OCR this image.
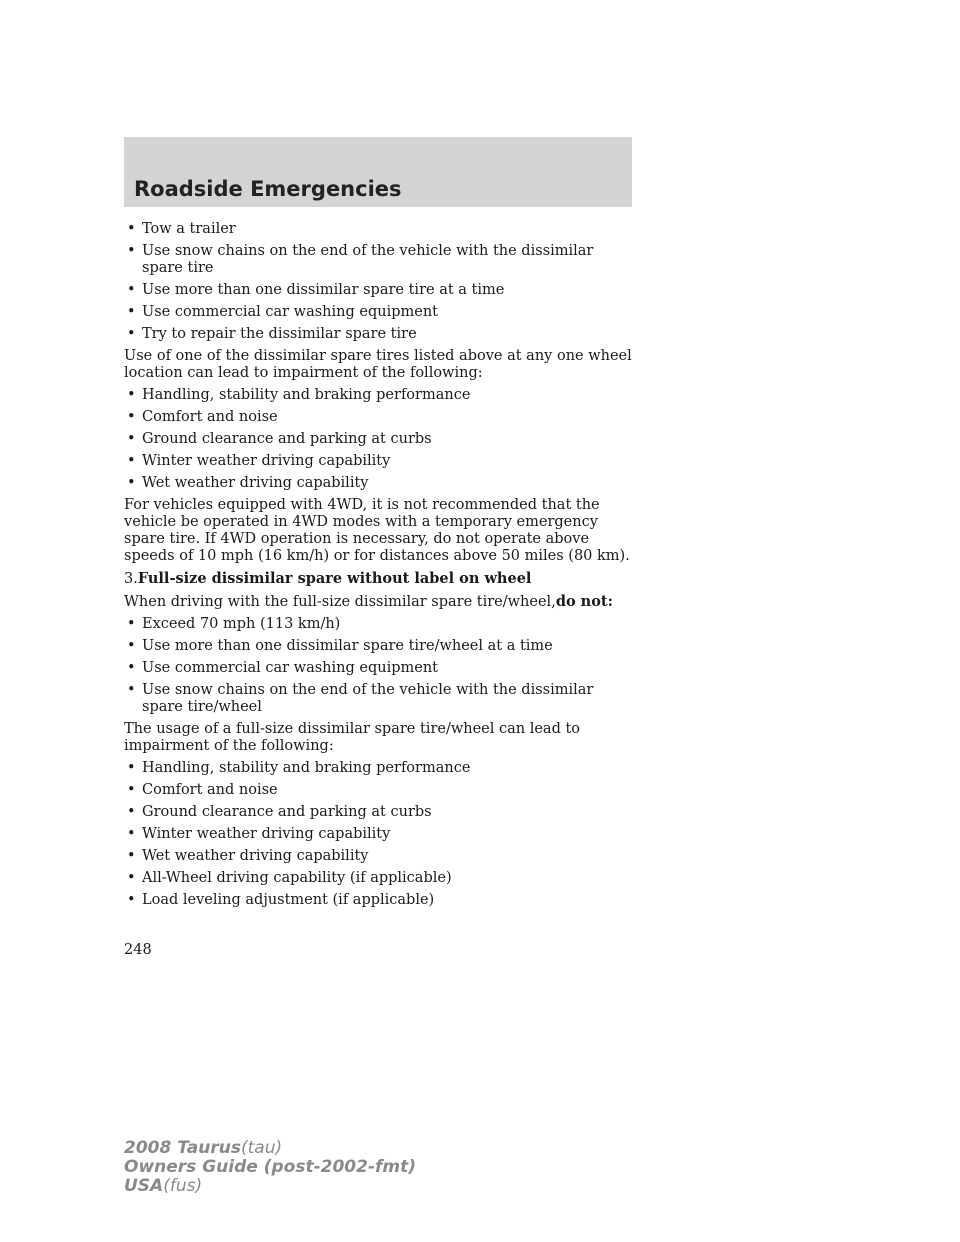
Roadside Emergencies
• Tow a trailer
• Use snow chains on the end of the vehicle with the dissimilar spare tire
• Use more than one dissimilar spare tire at a time
• Use commercial car washing equipment
• Try to repair the dissimilar spare tire

Use of one of the dissimilar spare tires listed above at any one wheel location can lead to impairment of the following:

• Handling, stability and braking performance
• Comfort and noise
• Ground clearance and parking at curbs
• Winter weather driving capability
• Wet weather driving capability

For vehicles equipped with 4WD, it is not recommended that the vehicle be operated in 4WD modes with a temporary emergency spare tire. If 4WD operation is necessary, do not operate above speeds of 10 mph (16 km/h) or for distances above 50 miles (80 km).

3.Full-size dissimilar spare without label on wheel

When driving with the full-size dissimilar spare tire/wheel,do not:

• Exceed 70 mph (113 km/h)
• Use more than one dissimilar spare tire/wheel at a time
• Use commercial car washing equipment
• Use snow chains on the end of the vehicle with the dissimilar spare tire/wheel

The usage of a full-size dissimilar spare tire/wheel can lead to impairment of the following:

• Handling, stability and braking performance
• Comfort and noise
• Ground clearance and parking at curbs
• Winter weather driving capability
• Wet weather driving capability
• All-Wheel driving capability (if applicable)
• Load leveling adjustment (if applicable)
248
2008 Taurus(tau)
Owners Guide (post-2002-fmt)
USA(fus)
